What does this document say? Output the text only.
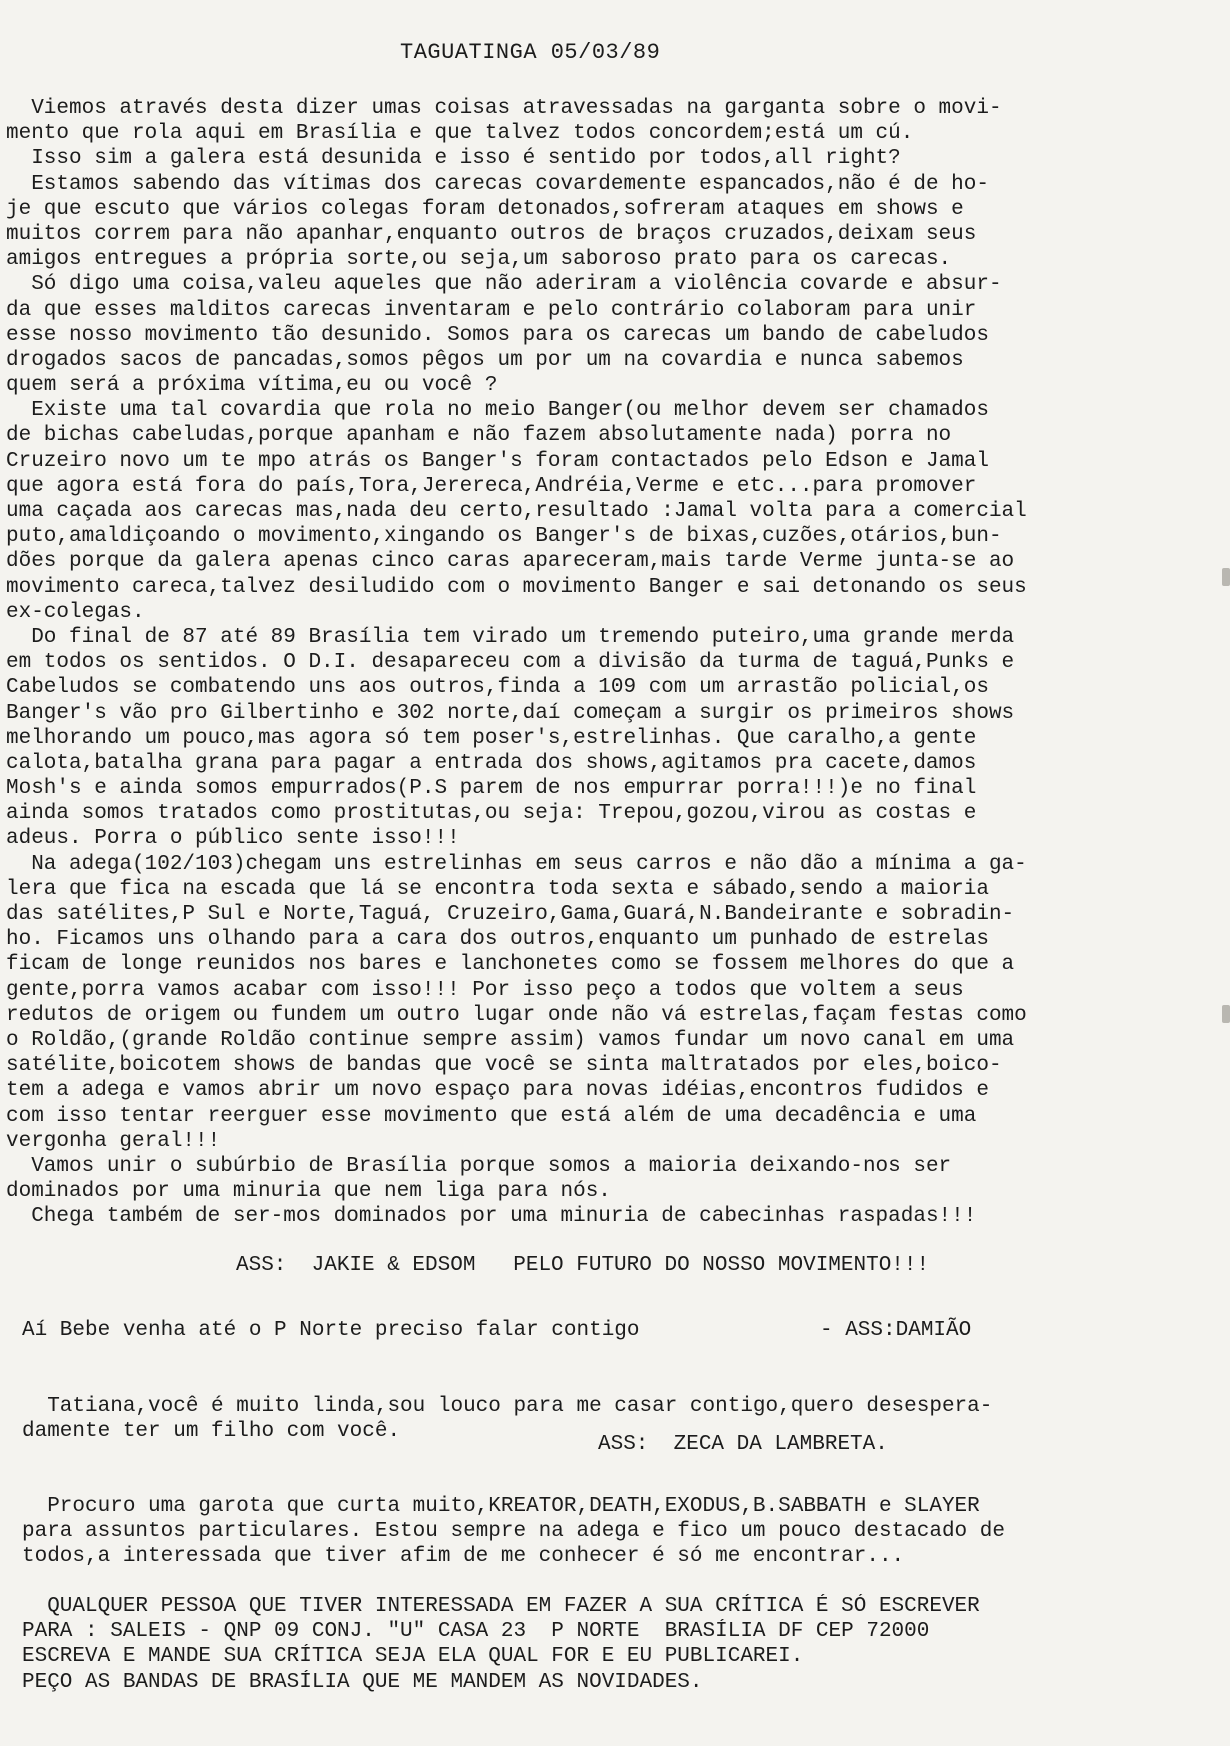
TAGUATINGA 05/03/89
Viemos através desta dizer umas coisas atravessadas na garganta sobre o movi-
mento que rola aqui em Brasília e que talvez todos concordem;está um cú.
Isso sim a galera está desunida e isso é sentido por todos,all right?
Estamos sabendo das vítimas dos carecas covardemente espancados,não é de ho-
je que escuto que vários colegas foram detonados,sofreram ataques em shows e
muitos correm para não apanhar,enquanto outros de braços cruzados,deixam seus
amigos entregues a própria sorte,ou seja,um saboroso prato para os carecas.
Só digo uma coisa,valeu aqueles que não aderiram a violência covarde e absur-
da que esses malditos carecas inventaram e pelo contrário colaboram para unir
esse nosso movimento tão desunido. Somos para os carecas um bando de cabeludos
drogados sacos de pancadas,somos pêgos um por um na covardia e nunca sabemos
quem será a próxima vítima,eu ou você ?
Existe uma tal covardia que rola no meio Banger(ou melhor devem ser chamados
de bichas cabeludas,porque apanham e não fazem absolutamente nada) porra no
Cruzeiro novo um te mpo atrás os Banger's foram contactados pelo Edson e Jamal
que agora está fora do país,Tora,Jerereca,Andréia,Verme e etc...para promover
uma caçada aos carecas mas,nada deu certo,resultado :Jamal volta para a comercial
puto,amaldiçoando o movimento,xingando os Banger's de bixas,cuzões,otários,bun-
dões porque da galera apenas cinco caras apareceram,mais tarde Verme junta-se ao
movimento careca,talvez desiludido com o movimento Banger e sai detonando os seus
ex-colegas.
Do final de 87 até 89 Brasília tem virado um tremendo puteiro,uma grande merda
em todos os sentidos. O D.I. desapareceu com a divisão da turma de taguá,Punks e
Cabeludos se combatendo uns aos outros,finda a 109 com um arrastão policial,os
Banger's vão pro Gilbertinho e 302 norte,daí começam a surgir os primeiros shows
melhorando um pouco,mas agora só tem poser's,estrelinhas. Que caralho,a gente
calota,batalha grana para pagar a entrada dos shows,agitamos pra cacete,damos
Mosh's e ainda somos empurrados(P.S parem de nos empurrar porra!!!)e no final
ainda somos tratados como prostitutas,ou seja: Trepou,gozou,virou as costas e
adeus. Porra o público sente isso!!!
Na adega(102/103)chegam uns estrelinhas em seus carros e não dão a mínima a ga-
lera que fica na escada que lá se encontra toda sexta e sábado,sendo a maioria
das satélites,P Sul e Norte,Taguá, Cruzeiro,Gama,Guará,N.Bandeirante e sobradin-
ho. Ficamos uns olhando para a cara dos outros,enquanto um punhado de estrelas
ficam de longe reunidos nos bares e lanchonetes como se fossem melhores do que a
gente,porra vamos acabar com isso!!! Por isso peço a todos que voltem a seus
redutos de origem ou fundem um outro lugar onde não vá estrelas,façam festas como
o Roldão,(grande Roldão continue sempre assim) vamos fundar um novo canal em uma
satélite,boicotem shows de bandas que você se sinta maltratados por eles,boico-
tem a adega e vamos abrir um novo espaço para novas idéias,encontros fudidos e
com isso tentar reerguer esse movimento que está além de uma decadência e uma
vergonha geral!!!
Vamos unir o subúrbio de Brasília porque somos a maioria deixando-nos ser
dominados por uma minuria que nem liga para nós.
Chega também de ser-mos dominados por uma minuria de cabecinhas raspadas!!!
ASS:  JAKIE & EDSOM   PELO FUTURO DO NOSSO MOVIMENTO!!!
Aí Bebe venha até o P Norte preciso falar contigo	- ASS:DAMIÃO
Tatiana,você é muito linda,sou louco para me casar contigo,quero desespera-
damente ter um filho com você.
ASS:  ZECA DA LAMBRETA.
Procuro uma garota que curta muito,KREATOR,DEATH,EXODUS,B.SABBATH e SLAYER
para assuntos particulares. Estou sempre na adega e fico um pouco destacado de
todos,a interessada que tiver afim de me conhecer é só me encontrar...
QUALQUER PESSOA QUE TIVER INTERESSADA EM FAZER A SUA CRÍTICA É SÓ ESCREVER
PARA : SALEIS - QNP 09 CONJ. "U" CASA 23  P NORTE  BRASÍLIA DF CEP 72000
ESCREVA E MANDE SUA CRÍTICA SEJA ELA QUAL FOR E EU PUBLICAREI.
PEÇO AS BANDAS DE BRASÍLIA QUE ME MANDEM AS NOVIDADES.
